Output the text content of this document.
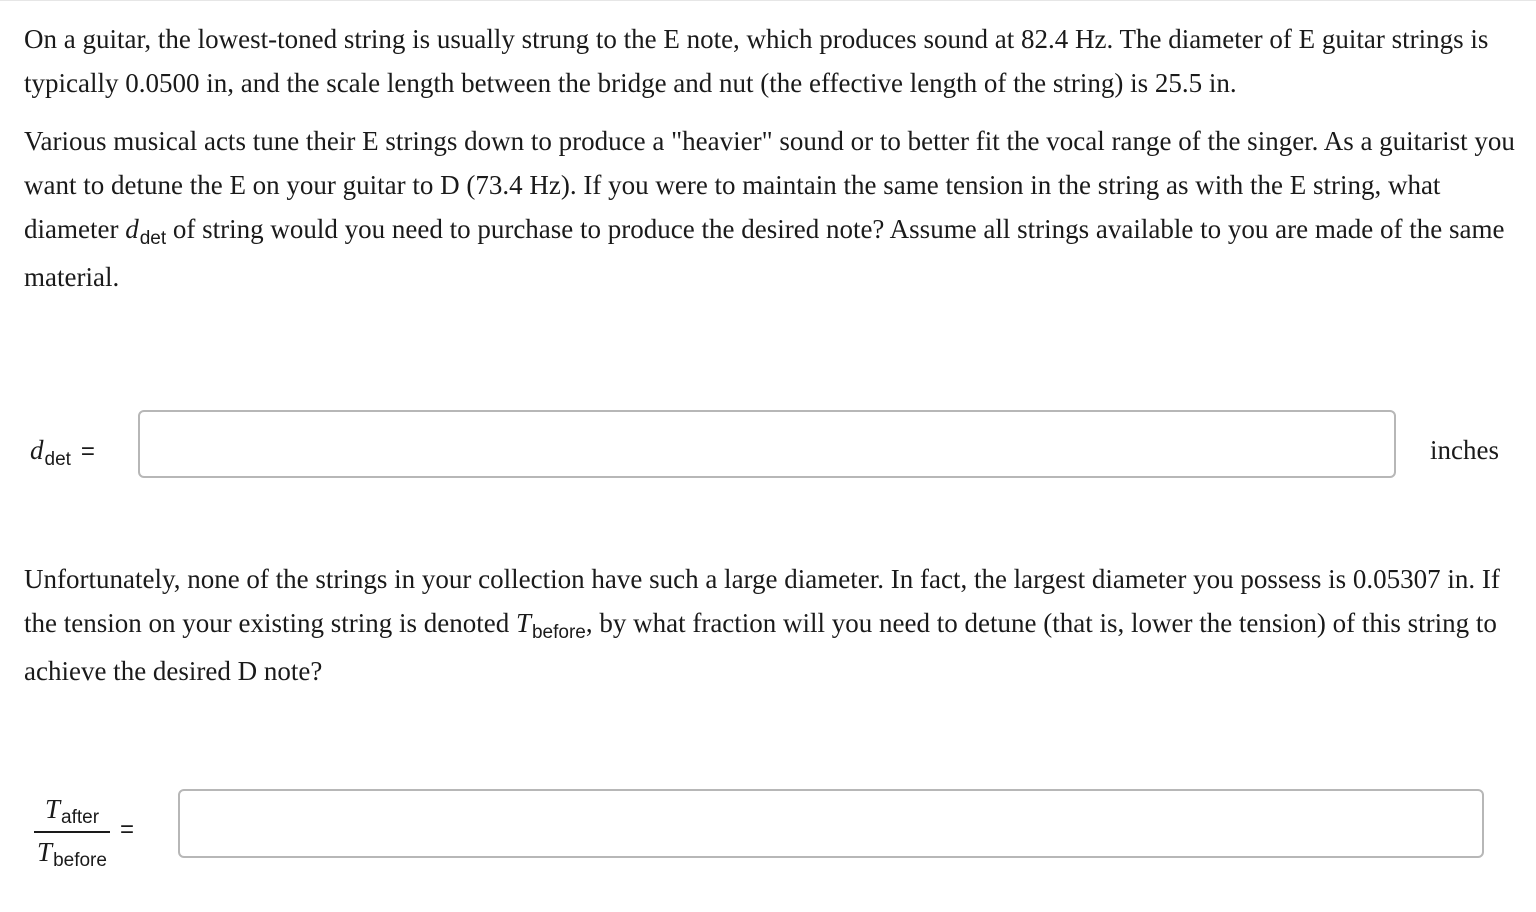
On a guitar, the lowest-toned string is usually strung to the E note, which produces sound at 82.4 Hz. The diameter of E guitar strings is typically 0.0500 in, and the scale length between the bridge and nut (the effective length of the string) is 25.5 in.

Various musical acts tune their E strings down to produce a "heavier" sound or to better fit the vocal range of the singer. As a guitarist you want to detune the E on your guitar to D (73.4 Hz). If you were to maintain the same tension in the string as with the E string, what diameter $d_{det}$ of string would you need to purchase to produce the desired note? Assume all strings available to you are made of the same material.

$d_{det}$ =	inches

Unfortunately, none of the strings in your collection have such a large diameter. In fact, the largest diameter you possess is 0.05307 in. If the tension on your existing string is denoted $T_{before}$, by what fraction will you need to detune (that is, lower the tension) of this string to achieve the desired D note?

Tafter
Tbefore
=
